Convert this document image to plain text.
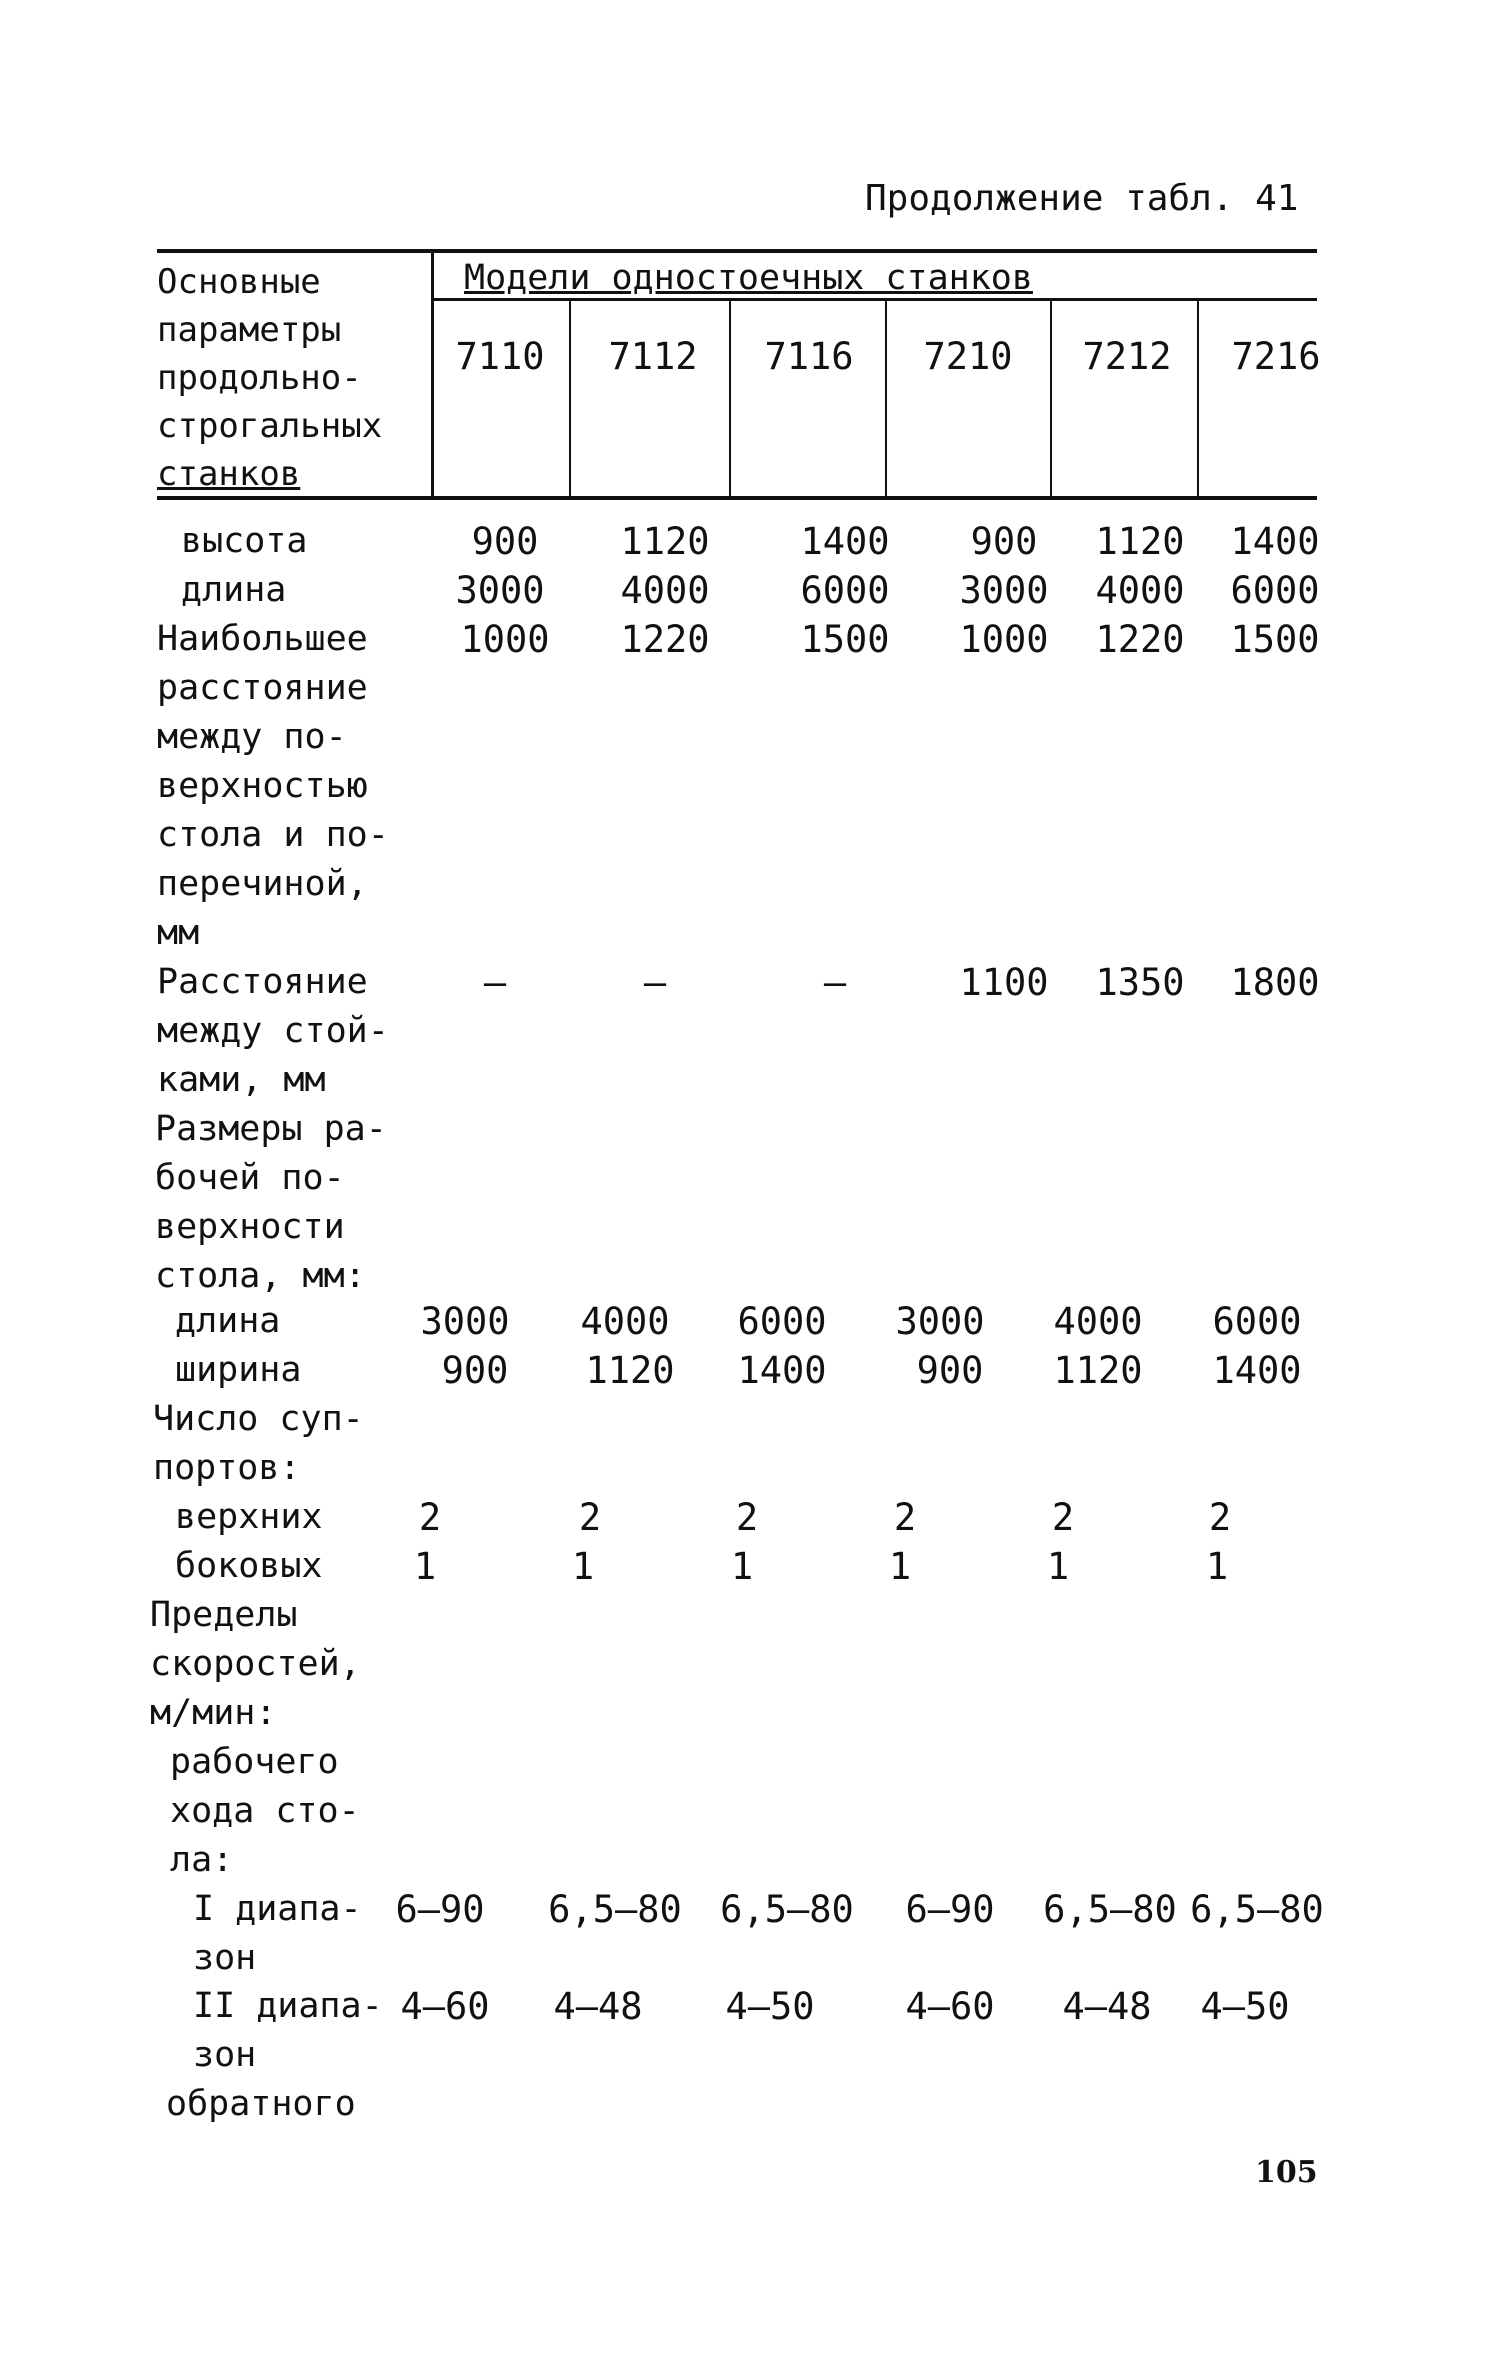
Продолжение табл. 41
Основные
параметры
продольно-
строгальных
станков
Модели одностоечных станков
7110	7112	7116	7210	7212	7216
высота	900	1120	1400	900	1120	1400
длина	3000	4000	6000	3000	4000	6000
Наибольшее
расстояние
между по-
верхностью
стола и по-
перечиной,
мм
1000	1220	1500	1000	1220	1500
Расстояние
между стой-
ками, мм
–	–	–	1100	1350	1800
Размеры ра-
бочей по-
верхности
стола, мм:
длина	3000	4000	6000	3000	4000	6000
ширина	900	1120	1400	900	1120	1400
Число суп-
портов:
верхних	2	2	2	2	2	2
боковых	1	1	1	1	1	1
Пределы
скоростей,
м/мин:
рабочего
хода сто-
ла:
I диапа-
зон
6–90	6,5–80	6,5–80	6–90	6,5–80 6,5–80
II диапа-
зон
4–60	4–48	4–50	4–60	4–48	4–50
обратного
105
